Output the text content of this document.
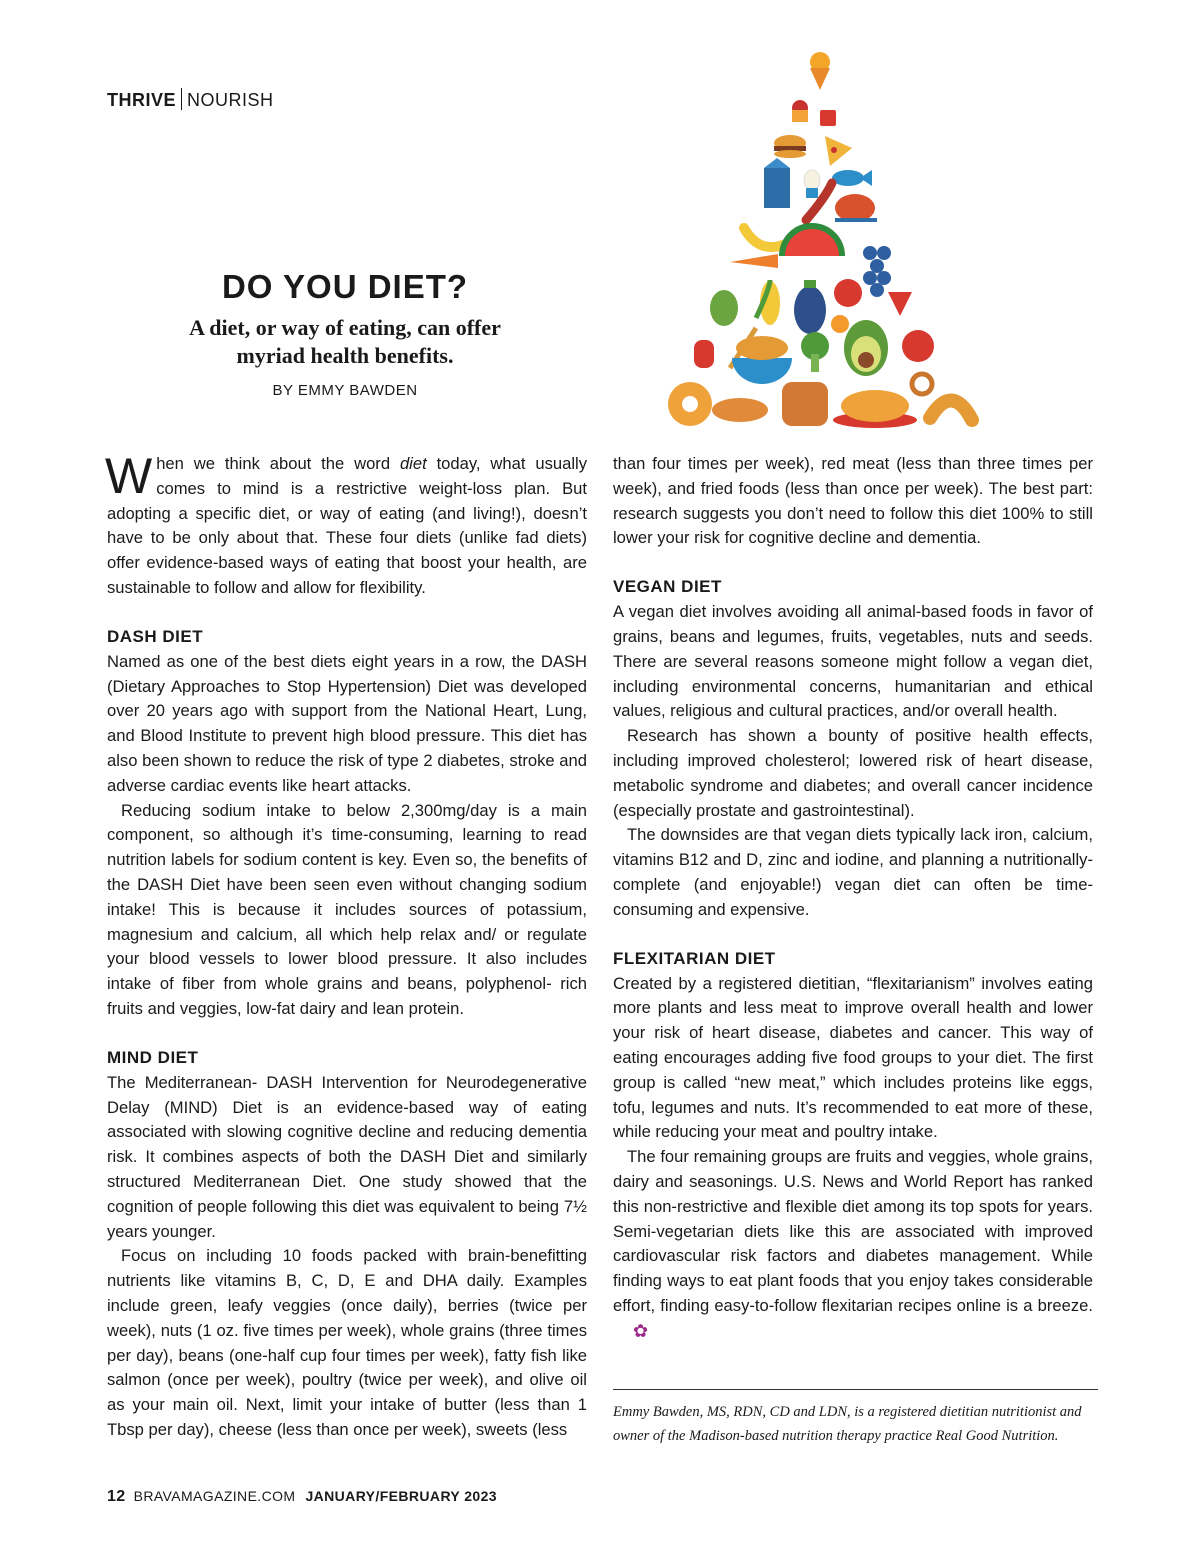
THRIVE NOURISH
DO YOU DIET?
A diet, or way of eating, can offer myriad health benefits.
BY EMMY BAWDEN

When we think about the word diet today, what usually comes to mind is a restrictive weight-loss plan. But adopting a specific diet, or way of eating (and living!), doesn’t have to be only about that. These four diets (unlike fad diets) offer evidence-based ways of eating that boost your health, are sustainable to follow and allow for flexibility.

DASH DIET

Named as one of the best diets eight years in a row, the DASH (Dietary Approaches to Stop Hypertension) Diet was developed over 20 years ago with support from the National Heart, Lung, and Blood Institute to prevent high blood pressure. This diet has also been shown to reduce the risk of type 2 diabetes, stroke and adverse cardiac events like heart attacks.

Reducing sodium intake to below 2,300mg/day is a main component, so although it’s time-consuming, learning to read nutrition labels for sodium content is key. Even so, the benefits of the DASH Diet have been seen even without changing sodium intake! This is because it includes sources of potassium, magnesium and calcium, all which help relax and/ or regulate your blood vessels to lower blood pressure. It also includes intake of fiber from whole grains and beans, polyphenol- rich fruits and veggies, low-fat dairy and lean protein.

MIND DIET

The Mediterranean- DASH Intervention for Neurodegenerative Delay (MIND) Diet is an evidence-based way of eating associated with slowing cognitive decline and reducing dementia risk. It combines aspects of both the DASH Diet and similarly structured Mediterranean Diet. One study showed that the cognition of people following this diet was equivalent to being 7½ years younger.

Focus on including 10 foods packed with brain-benefitting nutrients like vitamins B, C, D, E and DHA daily. Examples include green, leafy veggies (once daily), berries (twice per week), nuts (1 oz. five times per week), whole grains (three times per day), beans (one-half cup four times per week), fatty fish like salmon (once per week), poultry (twice per week), and olive oil as your main oil. Next, limit your intake of butter (less than 1 Tbsp per day), cheese (less than once per week), sweets (less

than four times per week), red meat (less than three times per week), and fried foods (less than once per week). The best part: research suggests you don’t need to follow this diet 100% to still lower your risk for cognitive decline and dementia.

VEGAN DIET

A vegan diet involves avoiding all animal-based foods in favor of grains, beans and legumes, fruits, vegetables, nuts and seeds. There are several reasons someone might follow a vegan diet, including environmental concerns, humanitarian and ethical values, religious and cultural practices, and/or overall health.

Research has shown a bounty of positive health effects, including improved cholesterol; lowered risk of heart disease, metabolic syndrome and diabetes; and overall cancer incidence (especially prostate and gastrointestinal).

The downsides are that vegan diets typically lack iron, calcium, vitamins B12 and D, zinc and iodine, and planning a nutritionally-complete (and enjoyable!) vegan diet can often be time-consuming and expensive.

FLEXITARIAN DIET

Created by a registered dietitian, “flexitarianism” involves eating more plants and less meat to improve overall health and lower your risk of heart disease, diabetes and cancer. This way of eating encourages adding five food groups to your diet. The first group is called “new meat,” which includes proteins like eggs, tofu, legumes and nuts. It’s recommended to eat more of these, while reducing your meat and poultry intake.

The four remaining groups are fruits and veggies, whole grains, dairy and seasonings. U.S. News and World Report has ranked this non-restrictive and flexible diet among its top spots for years. Semi-vegetarian diets like this are associated with improved cardiovascular risk factors and diabetes management. While finding ways to eat plant foods that you enjoy takes considerable effort, finding easy-to-follow flexitarian recipes online is a breeze.✿

Emmy Bawden, MS, RDN, CD and LDN, is a registered dietitian nutritionist and owner of the Madison-based nutrition therapy practice Real Good Nutrition.
12 BRAVAMAGAZINE.COM JANUARY/FEBRUARY 2023
